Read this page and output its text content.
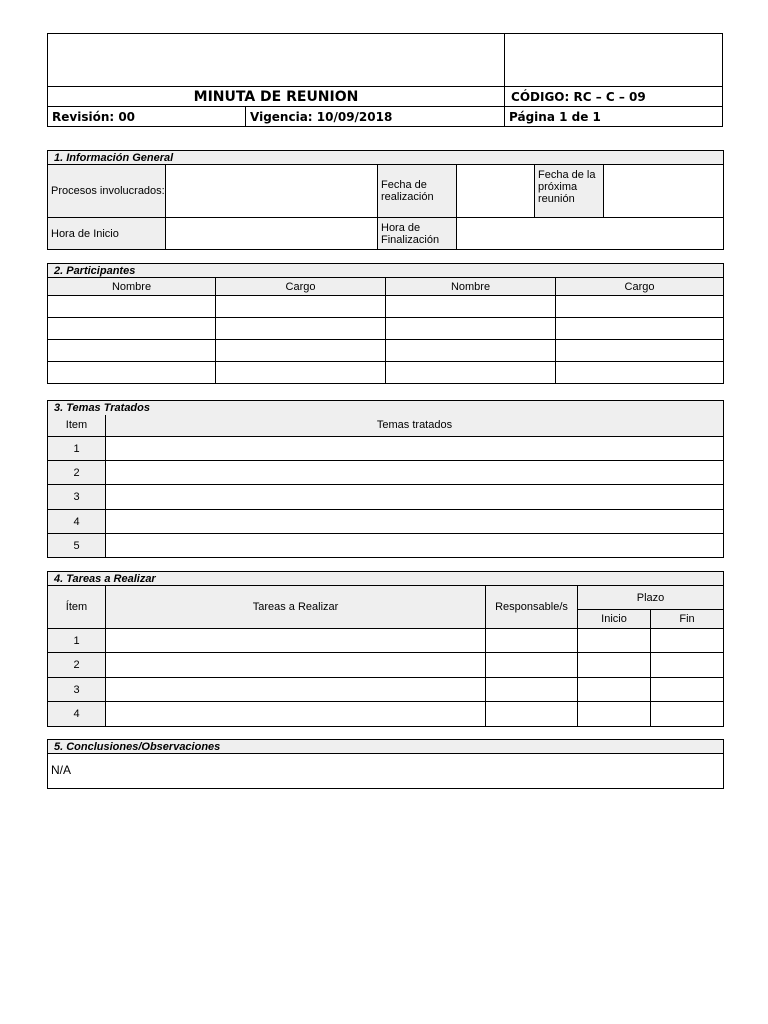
MINUTA DE REUNION		CÓDIGO: RC – C – 09
Revisión: 00	Vigencia: 10/09/2018	Página 1 de 1
1. Información General					
Procesos involucrados:		Fecha de realización		Fecha de la próxima reunión	
Hora de Inicio		Hora de Finalización			
2. Participantes			
Nombre	Cargo	Nombre	Cargo

3. Temas Tratados	
Item	Temas tratados
1	
2	
3	
4	
5	
4. Tareas a Realizar				
Ítem	Tareas a Realizar	Responsable/s	Plazo	
			Inicio	Fin
1				
2				
3				
4				
5. Conclusiones/Observaciones
N/A
